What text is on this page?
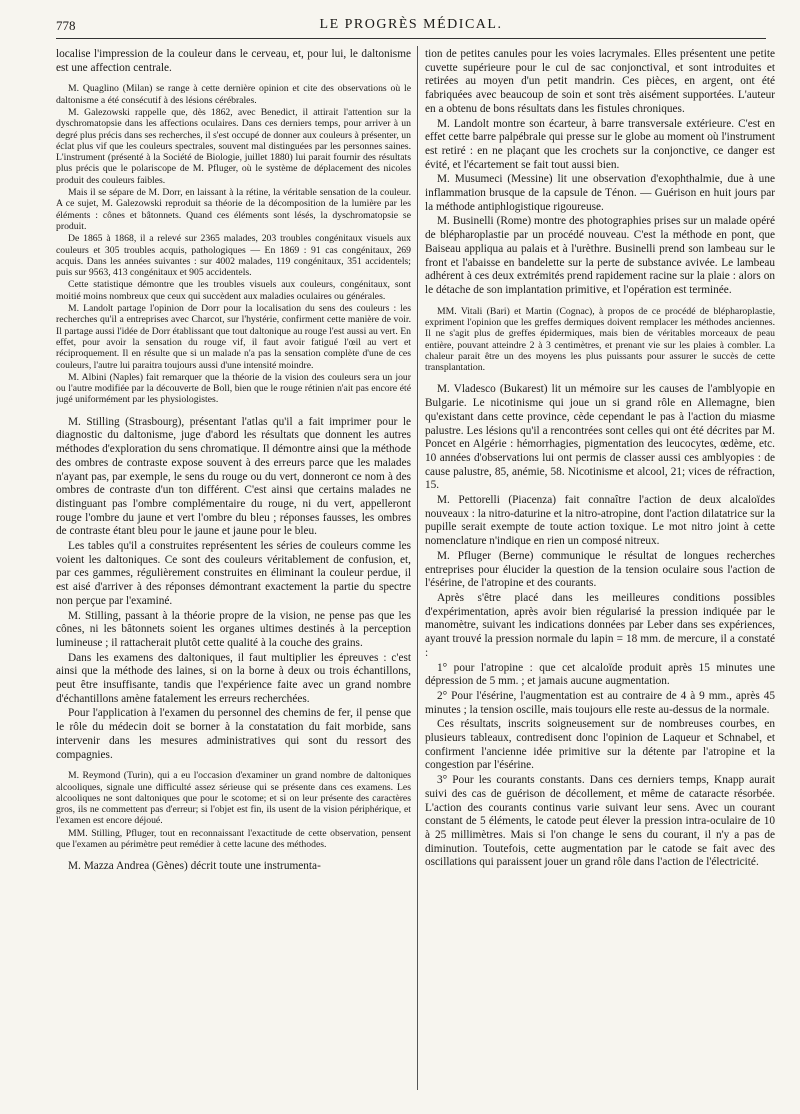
778	LE PROGRÈS MÉDICAL.

localise l'impression de la couleur dans le cerveau, et, pour lui, le daltonisme est une affection centrale.

M. Quaglino (Milan) se range à cette dernière opinion et cite des observations où le daltonisme a été consécutif à des lésions cérébrales.

M. Galezowski rappelle que, dès 1862, avec Benedict, il attirait l'attention sur la dyschromatopsie dans les affections oculaires. Dans ces derniers temps, pour arriver à un degré plus précis dans ses recherches, il s'est occupé de donner aux couleurs à présenter, un éclat plus vif que les couleurs spectrales, souvent mal distinguées par les personnes saines. L'instrument (présenté à la Société de Biologie, juillet 1880) lui parait fournir des résultats plus précis que le polariscope de M. Pfluger, où le système de déplacement des nicoles produit des couleurs faibles.

Mais il se sépare de M. Dorr, en laissant à la rétine, la véritable sensation de la couleur. A ce sujet, M. Galezowski reproduit sa théorie de la décomposition de la lumière par les éléments : cônes et bâtonnets. Quand ces éléments sont lésés, la dyschromatopsie se produit.

De 1865 à 1868, il a relevé sur 2365 malades, 203 troubles congénitaux visuels aux couleurs et 305 troubles acquis, pathologiques — En 1869 : 91 cas congénitaux, 269 acquis. Dans les années suivantes : sur 4002 malades, 119 congénitaux, 351 accidentels; puis sur 9563, 413 congénitaux et 905 accidentels.

Cette statistique démontre que les troubles visuels aux couleurs, congénitaux, sont moitié moins nombreux que ceux qui succèdent aux maladies oculaires ou générales.

M. Landolt partage l'opinion de Dorr pour la localisation du sens des couleurs : les recherches qu'il a entreprises avec Charcot, sur l'hystérie, confirment cette manière de voir. Il partage aussi l'idée de Dorr établissant que tout daltonique au rouge l'est aussi au vert. En effet, pour avoir la sensation du rouge vif, il faut avoir fatigué l'œil au vert et réciproquement. Il en résulte que si un malade n'a pas la sensation complète d'une de ces couleurs, l'autre lui paraitra toujours aussi d'une intensité moindre.

M. Albini (Naples) fait remarquer que la théorie de la vision des couleurs sera un jour ou l'autre modifiée par la découverte de Boll, bien que le rouge rétinien n'ait pas encore été jugé uniformément par les physiologistes.

M. Stilling (Strasbourg), présentant l'atlas qu'il a fait imprimer pour le diagnostic du daltonisme, juge d'abord les résultats que donnent les autres méthodes d'exploration du sens chromatique. Il démontre ainsi que la méthode des ombres de contraste expose souvent à des erreurs parce que les malades n'ayant pas, par exemple, le sens du rouge ou du vert, donneront ce nom à des ombres de contraste d'un ton différent. C'est ainsi que certains malades ne distinguant pas l'ombre complémentaire du rouge, ni du vert, appelleront rouge l'ombre du jaune et vert l'ombre du bleu ; réponses fausses, les ombres de contraste étant bleu pour le jaune et jaune pour le bleu.

Les tables qu'il a construites représentent les séries de couleurs comme les voient les daltoniques. Ce sont des couleurs véritablement de confusion, et, par ces gammes, régulièrement construites en éliminant la couleur perdue, il est aisé d'arriver à des réponses démontrant exactement la partie du spectre non perçue par l'examiné.

M. Stilling, passant à la théorie propre de la vision, ne pense pas que les cônes, ni les bâtonnets soient les organes ultimes destinés à la perception lumineuse ; il rattacherait plutôt cette qualité à la couche des grains.

Dans les examens des daltoniques, il faut multiplier les épreuves : c'est ainsi que la méthode des laines, si on la borne à deux ou trois échantillons, peut être insuffisante, tandis que l'expérience faite avec un grand nombre d'échantillons amène fatalement les erreurs recherchées.

Pour l'application à l'examen du personnel des chemins de fer, il pense que le rôle du médecin doit se borner à la constatation du fait morbide, sans intervenir dans les mesures administratives qui sont du ressort des compagnies.

M. Reymond (Turin), qui a eu l'occasion d'examiner un grand nombre de daltoniques alcooliques, signale une difficulté assez sérieuse qui se présente dans ces examens. Les alcooliques ne sont daltoniques que pour le scotome; et si on leur présente des caractères gros, ils ne commettent pas d'erreur; si l'objet est fin, ils usent de la vision périphérique, et l'examen est encore déjoué.

MM. Stilling, Pfluger, tout en reconnaissant l'exactitude de cette observation, pensent que l'examen au périmètre peut remédier à cette lacune des méthodes.

M. Mazza Andrea (Gènes) décrit toute une instrumenta-

tion de petites canules pour les voies lacrymales. Elles présentent une petite cuvette supérieure pour le cul de sac conjonctival, et sont introduites et retirées au moyen d'un petit mandrin. Ces pièces, en argent, ont été fabriquées avec beaucoup de soin et sont très aisément supportées. L'auteur en a obtenu de bons résultats dans les fistules chroniques.

M. Landolt montre son écarteur, à barre transversale extérieure. C'est en effet cette barre palpébrale qui presse sur le globe au moment où l'instrument est retiré : en ne plaçant que les crochets sur la conjonctive, ce danger est évité, et l'écartement se fait tout aussi bien.

M. Musumeci (Messine) lit une observation d'exophthalmie, due à une inflammation brusque de la capsule de Ténon. — Guérison en huit jours par la méthode antiphlogistique rigoureuse.

M. Businelli (Rome) montre des photographies prises sur un malade opéré de blépharoplastie par un procédé nouveau. C'est la méthode en pont, que Baiseau appliqua au palais et à l'urèthre. Businelli prend son lambeau sur le front et l'abaisse en bandelette sur la perte de substance avivée. Le lambeau adhérent à ces deux extrémités prend rapidement racine sur la plaie : alors on le détache de son implantation primitive, et l'opération est terminée.

MM. Vitali (Bari) et Martin (Cognac), à propos de ce procédé de blépharoplastie, expriment l'opinion que les greffes dermiques doivent remplacer les méthodes anciennes. Il ne s'agit plus de greffes épidermiques, mais bien de véritables morceaux de peau entière, pouvant atteindre 2 à 3 centimètres, et prenant vie sur les plaies à combler. La chaleur parait être un des moyens les plus puissants pour assurer le succès de cette transplantation.

M. Vladesco (Bukarest) lit un mémoire sur les causes de l'amblyopie en Bulgarie. Le nicotinisme qui joue un si grand rôle en Allemagne, bien qu'existant dans cette province, cède cependant le pas à l'action du miasme palustre. Les lésions qu'il a rencontrées sont celles qui ont été décrites par M. Poncet en Algérie : hémorrhagies, pigmentation des leucocytes, œdème, etc. 10 années d'observations lui ont permis de classer aussi ces amblyopies : de cause palustre, 85, anémie, 58. Nicotinisme et alcool, 21; vices de réfraction, 15.

M. Pettorelli (Piacenza) fait connaître l'action de deux alcaloïdes nouveaux : la nitro-daturine et la nitro-atropine, dont l'action dilatatrice sur la pupille serait exempte de toute action toxique. Le mot nitro joint à cette nomenclature n'indique en rien un composé nitreux.

M. Pfluger (Berne) communique le résultat de longues recherches entreprises pour élucider la question de la tension oculaire sous l'action de l'ésérine, de l'atropine et des courants.

Après s'être placé dans les meilleures conditions possibles d'expérimentation, après avoir bien régularisé la pression indiquée par le manomètre, suivant les indications données par Leber dans ses expériences, ayant trouvé la pression normale du lapin = 18 mm. de mercure, il a constaté :

1° pour l'atropine : que cet alcaloïde produit après 15 minutes une dépression de 5 mm. ; et jamais aucune augmentation.

2° Pour l'ésérine, l'augmentation est au contraire de 4 à 9 mm., après 45 minutes ; la tension oscille, mais toujours elle reste au-dessus de la normale.

Ces résultats, inscrits soigneusement sur de nombreuses courbes, en plusieurs tableaux, contredisent donc l'opinion de Laqueur et Schnabel, et confirment l'ancienne idée primitive sur la détente par l'atropine et la congestion par l'ésérine.

3° Pour les courants constants. Dans ces derniers temps, Knapp aurait suivi des cas de guérison de décollement, et même de cataracte résorbée. L'action des courants continus varie suivant leur sens. Avec un courant constant de 5 éléments, le catode peut élever la pression intra-oculaire de 10 à 25 millimètres. Mais si l'on change le sens du courant, il n'y a pas de diminution. Toutefois, cette augmentation par le catode se fait avec des oscillations qui paraissent jouer un grand rôle dans l'action de l'électricité.
